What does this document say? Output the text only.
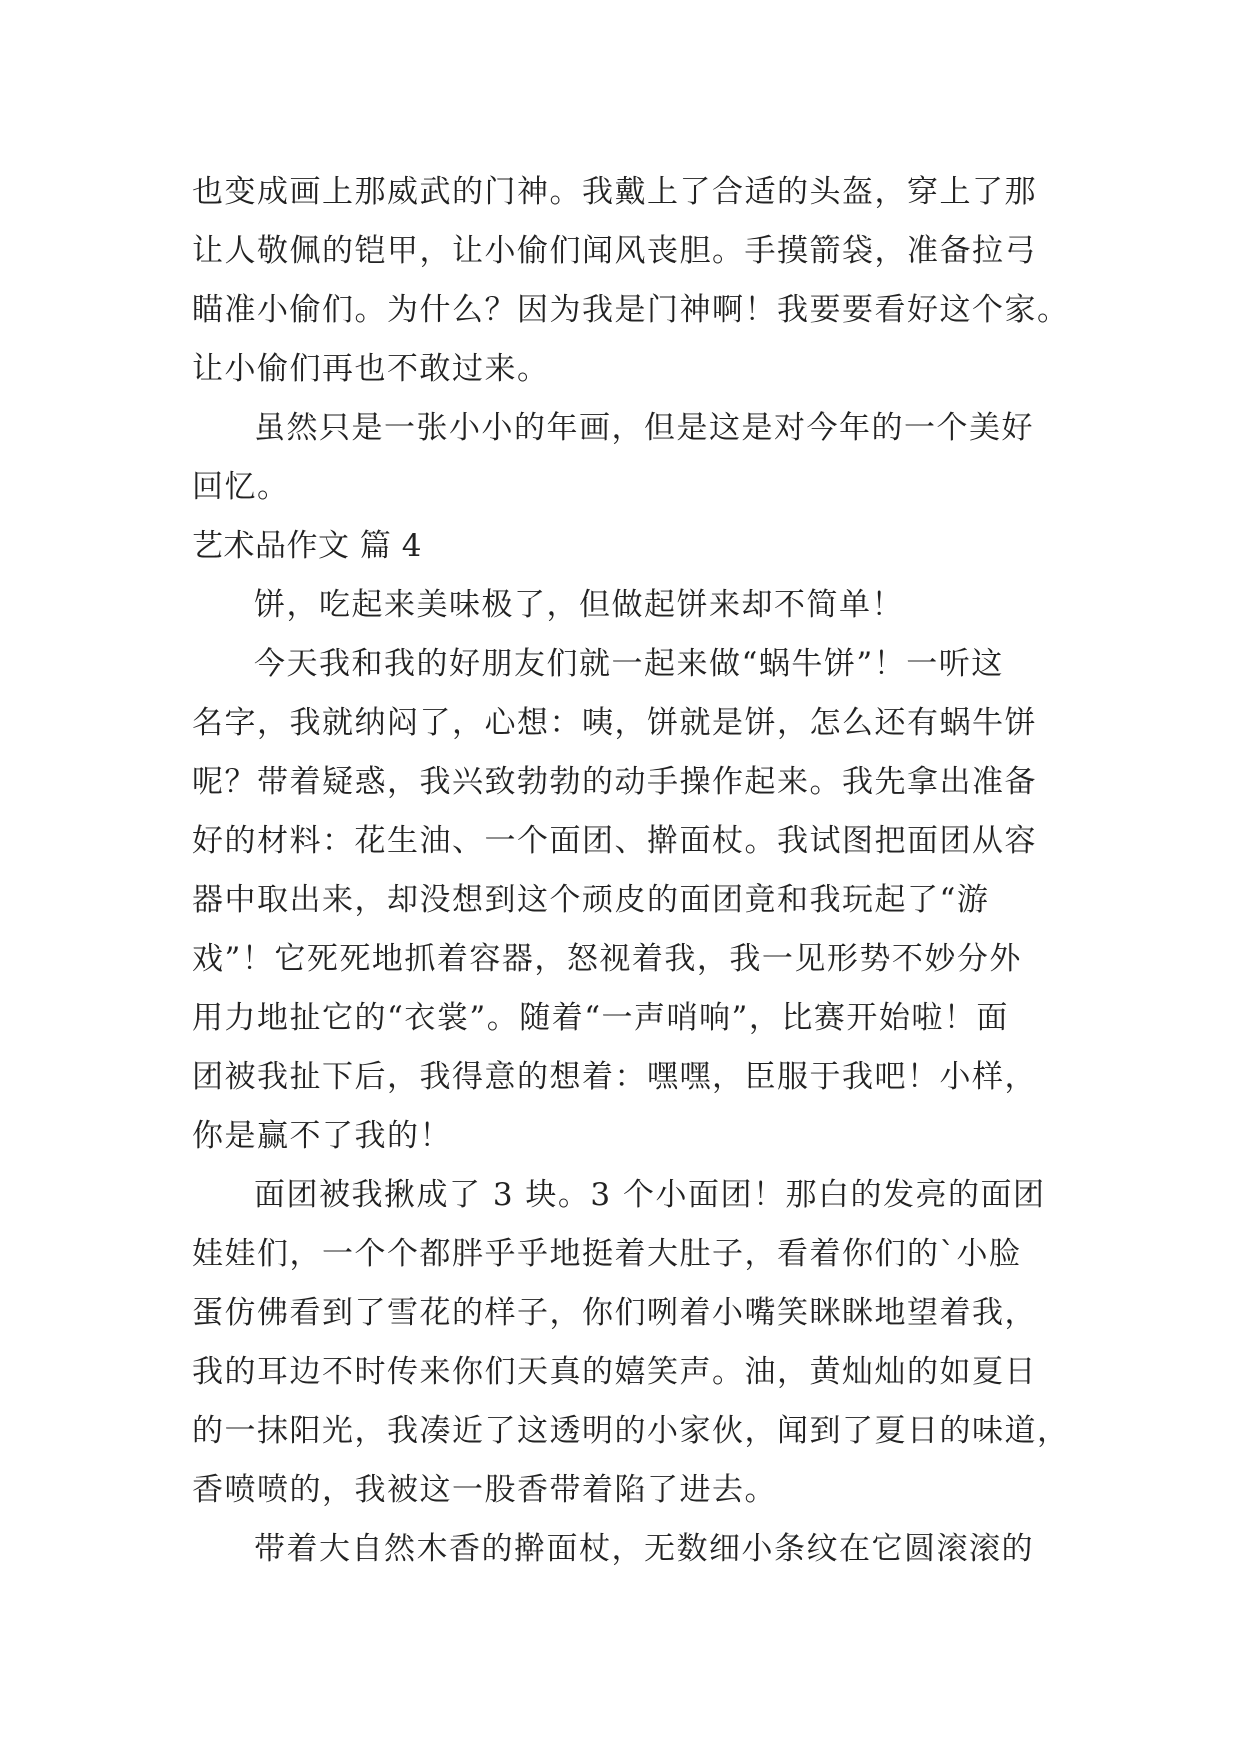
也变成画上那威武的门神。我戴上了合适的头盔，穿上了那
让人敬佩的铠甲，让小偷们闻风丧胆。手摸箭袋，准备拉弓
瞄准小偷们。为什么？因为我是门神啊！我要要看好这个家。
让小偷们再也不敢过来。
虽然只是一张小小的年画，但是这是对今年的一个美好
回忆。
艺术品作文 篇 4
饼，吃起来美味极了，但做起饼来却不简单！
今天我和我的好朋友们就一起来做“蜗牛饼”！一听这
名字，我就纳闷了，心想：咦，饼就是饼，怎么还有蜗牛饼
呢？带着疑惑，我兴致勃勃的动手操作起来。我先拿出准备
好的材料：花生油、一个面团、擀面杖。我试图把面团从容
器中取出来，却没想到这个顽皮的面团竟和我玩起了“游
戏”！它死死地抓着容器，怒视着我，我一见形势不妙分外
用力地扯它的“衣裳”。随着“一声哨响”，比赛开始啦！面
团被我扯下后，我得意的想着：嘿嘿，臣服于我吧！小样，
你是赢不了我的！
面团被我揪成了 3 块。3 个小面团！那白的发亮的面团
娃娃们，一个个都胖乎乎地挺着大肚子，看着你们的`小脸
蛋仿佛看到了雪花的样子，你们咧着小嘴笑眯眯地望着我，
我的耳边不时传来你们天真的嬉笑声。油，黄灿灿的如夏日
的一抹阳光，我凑近了这透明的小家伙，闻到了夏日的味道，
香喷喷的，我被这一股香带着陷了进去。
带着大自然木香的擀面杖，无数细小条纹在它圆滚滚的
